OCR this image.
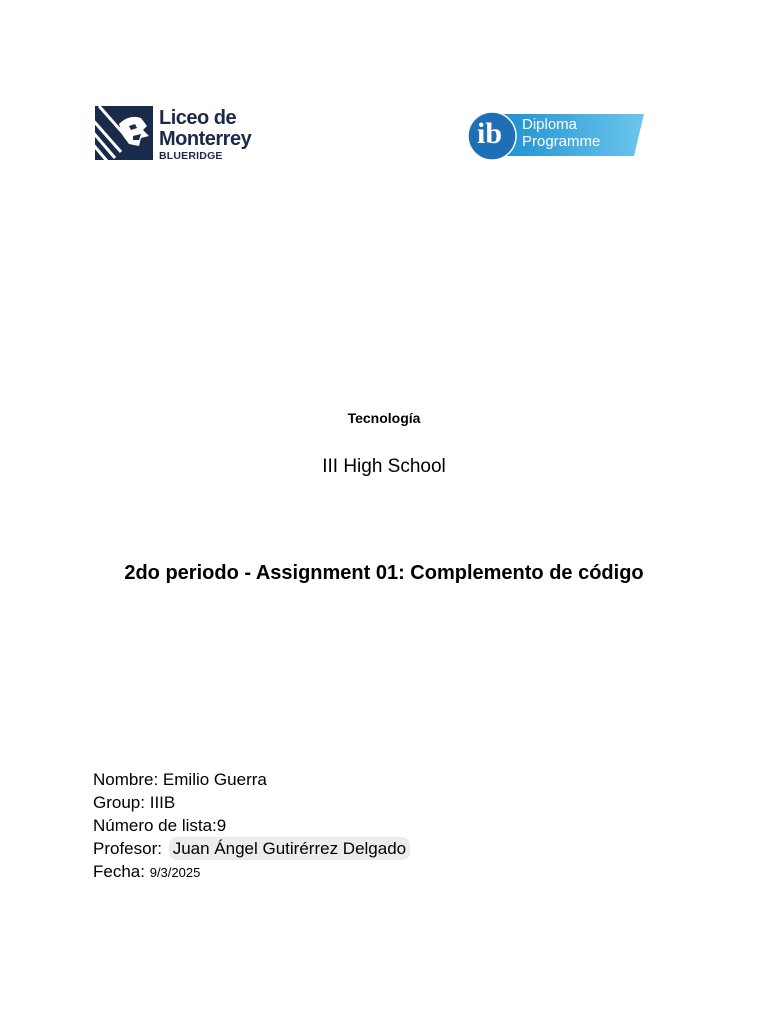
Liceo de
Monterrey
BLUERIDGE
ib Diploma
Programme
Tecnología
III High School
2do periodo - Assignment 01: Complemento de código
Nombre: Emilio Guerra
Group: IIIB
Número de lista:9
Profesor: Juan Ángel Gutirérrez Delgado
Fecha: 9/3/2025
